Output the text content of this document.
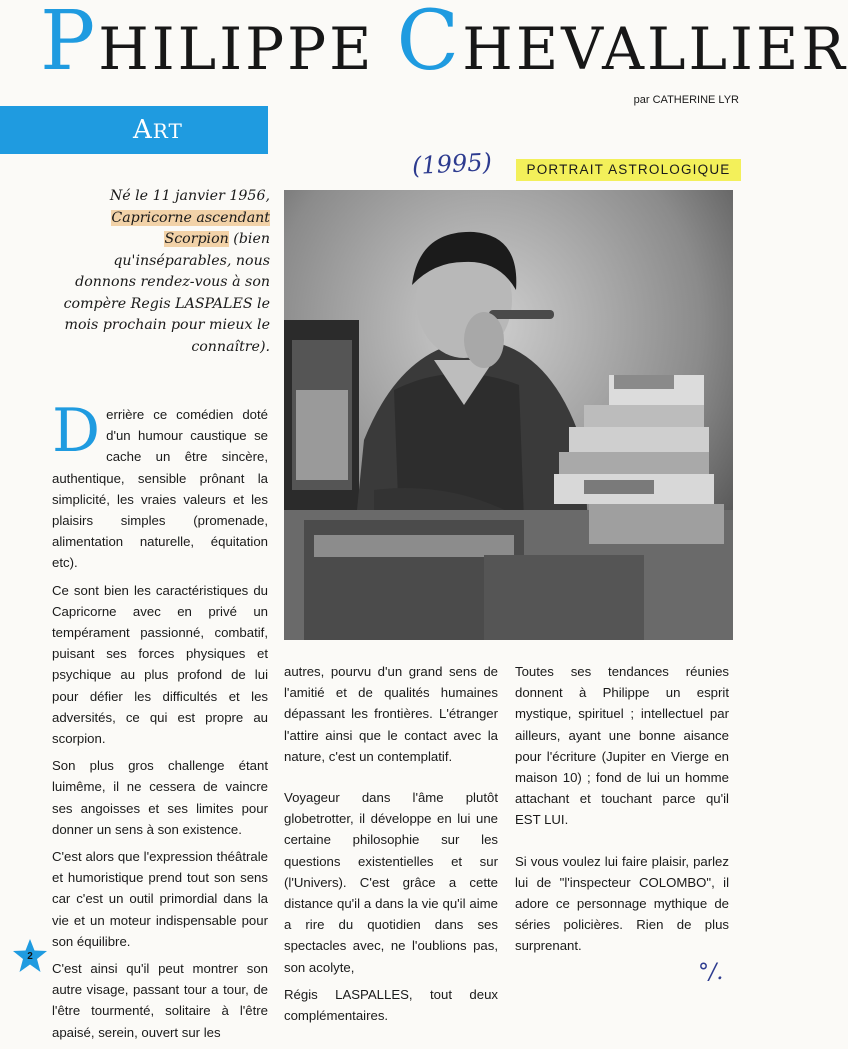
PHILIPPE CHEVALLIER
par CATHERINE LYR
ART
(1995)	PORTRAIT ASTROLOGIQUE

Né le 11 janvier 1956,
Capricorne ascendant Scorpion (bien qu'inséparables, nous donnons rendez-vous à son compère Regis LASPALES le mois prochain pour mieux le connaître).

Derrière ce comédien doté d'un humour caustique se cache un être sincère, authentique, sensible prônant la simplicité, les vraies valeurs et les plaisirs simples (promenade, alimentation naturelle, équitation etc).

Ce sont bien les caractéristiques du Capricorne avec en privé un tempérament passionné, combatif, puisant ses forces physiques et psychique au plus profond de lui pour défier les difficultés et les adversités, ce qui est propre au scorpion.

Son plus gros challenge étant luimême, il ne cessera de vaincre ses angoisses et ses limites pour donner un sens à son existence.

C'est alors que l'expression théâtrale et humoristique prend tout son sens car c'est un outil primordial dans la vie et un moteur indispensable pour son équilibre.

C'est ainsi qu'il peut montrer son autre visage, passant tour a tour, de l'être tourmenté, solitaire à l'être apaisé, serein, ouvert sur les

autres, pourvu d'un grand sens de l'amitié et de qualités humaines dépassant les frontières. L'étranger l'attire ainsi que le contact avec la nature, c'est un contemplatif.

Voyageur dans l'âme plutôt globetrotter, il développe en lui une certaine philosophie sur les questions existentielles et sur (l'Univers). C'est grâce a cette distance qu'il a dans la vie qu'il aime a rire du quotidien dans ses spectacles avec, ne l'oublions pas, son acolyte,

Régis LASPALLES, tout deux complémentaires.

Toutes ses tendances réunies donnent à Philippe un esprit mystique, spirituel ; intellectuel par ailleurs, ayant une bonne aisance pour l'écriture (Jupiter en Vierge en maison 10) ; fond de lui un homme attachant et touchant parce qu'il EST LUI.

Si vous voulez lui faire plaisir, parlez lui de "l'inspecteur COLOMBO", il adore ce personnage mythique de séries policières. Rien de plus surprenant.

2
°/.
